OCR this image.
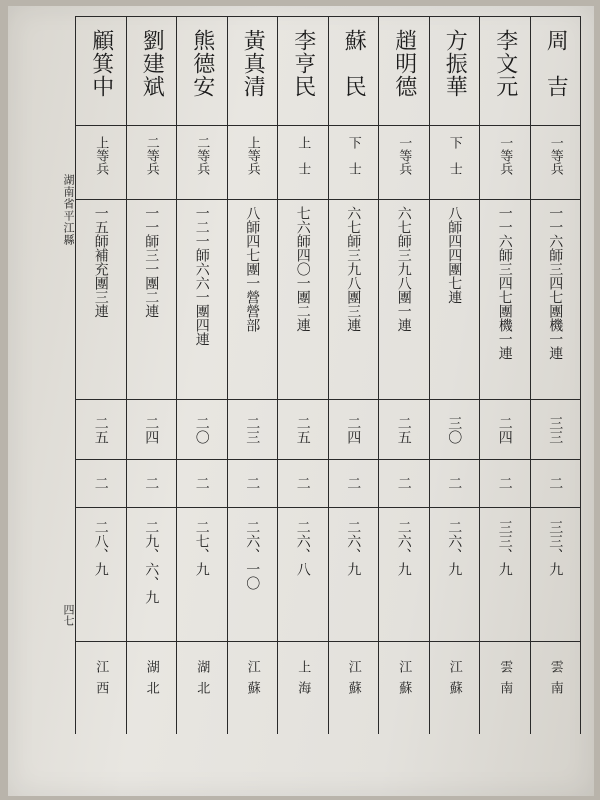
湖南省平江縣
四七
周　吉
一等兵
一一六師三四七團機一連
三三
二
三三、九
雲南
李文元
一等兵
一一六師三四七團機一連
二四
二
三三、九
雲南
方振華
下　士
八師四四團七連
三〇
二
二六、九
江蘇
趙明德
一等兵
六七師三九八團一連
二五
二
二六、九
江蘇
蘇　民
下　士
六七師三九八團三連
二四
二
二六、九
江蘇
李亨民
上　士
七六師四〇一團二連
二五
二
二六、八
上海
黃真清
上等兵
八師四七團一營營部
二三
二
二六、一〇
江蘇
熊德安
二等兵
一二一師六六一團四連
二〇
二
二七、九
湖北
劉建斌
二等兵
一一師三一團二連
二四
二
二九、六、九
湖北
顧箕中
上等兵
一五師補充團三連
二五
二
二八、九
江西
